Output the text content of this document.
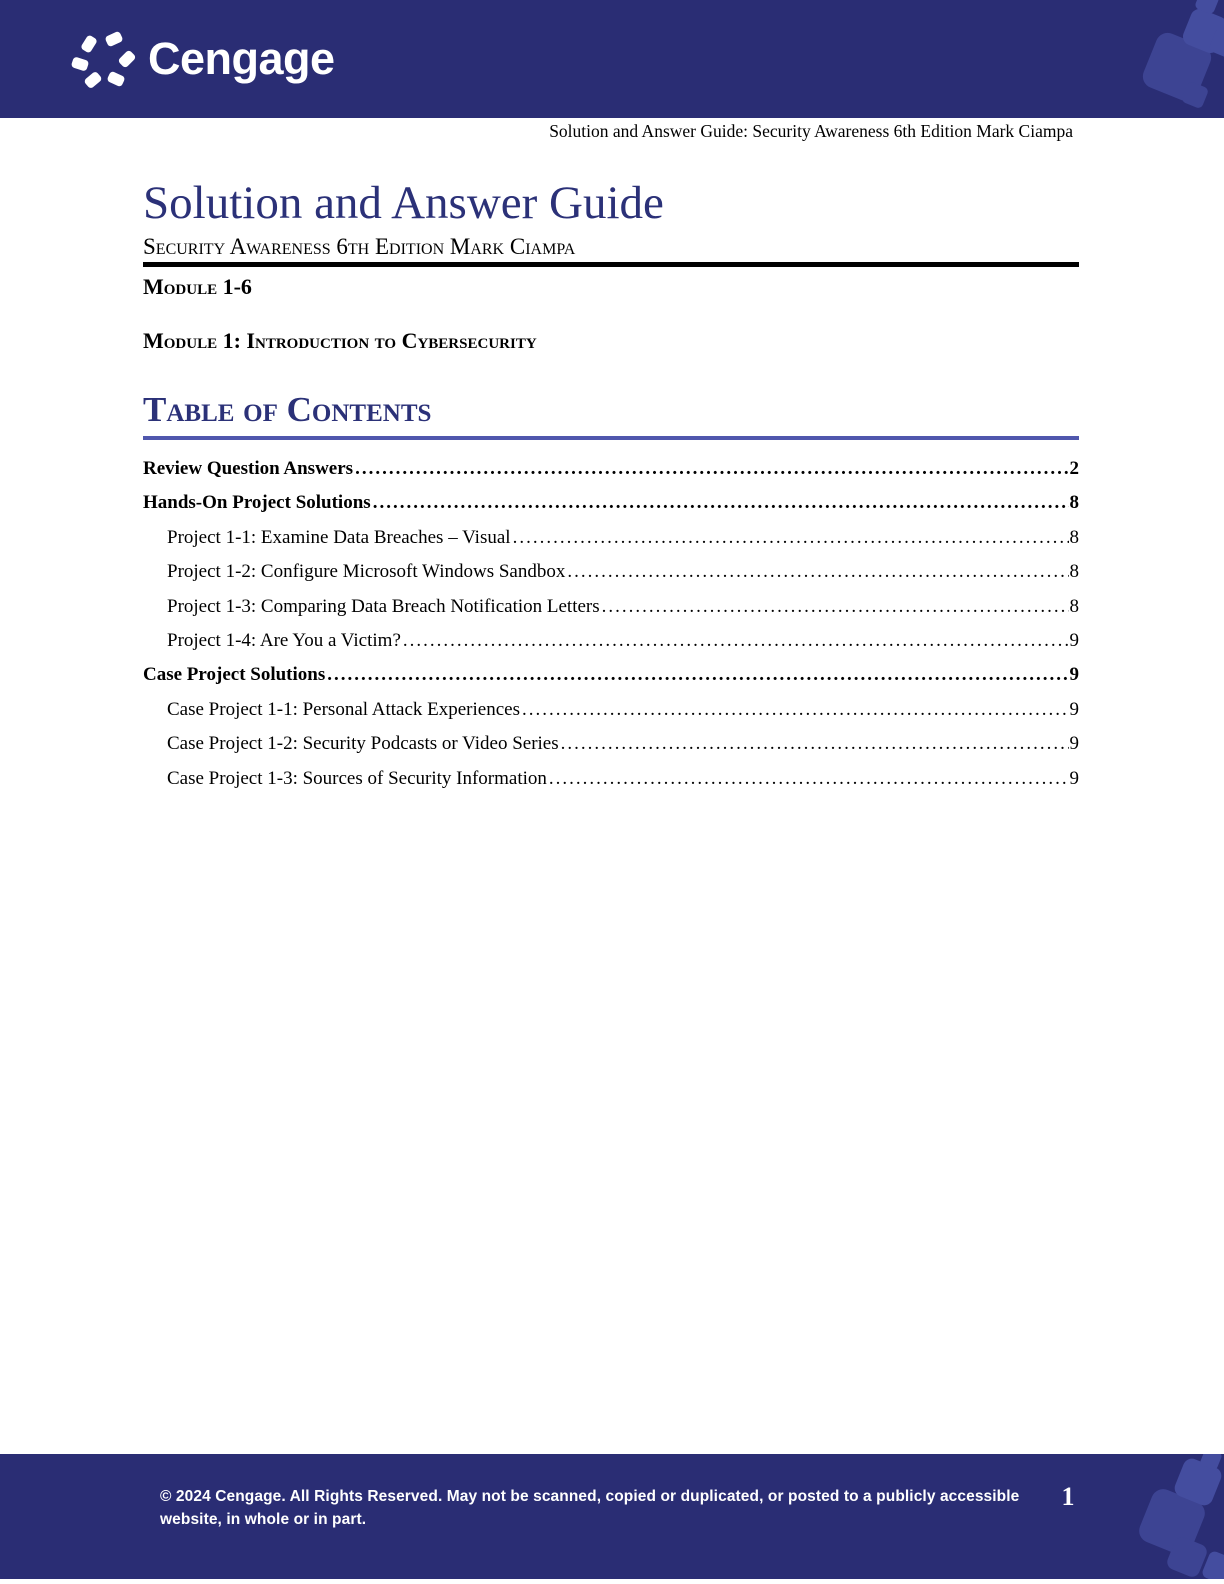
Cengage
Solution and Answer Guide: Security Awareness 6th Edition Mark Ciampa
Solution and Answer Guide
Security Awareness 6th Edition Mark Ciampa
Module 1-6
Module 1: Introduction to Cybersecurity
Table of Contents
Review Question Answers .....	2
Hands-On Project Solutions .....	8
Project 1-1: Examine Data Breaches – Visual .....	8
Project 1-2: Configure Microsoft Windows Sandbox .....	8
Project 1-3: Comparing Data Breach Notification Letters .....	8
Project 1-4: Are You a Victim? .....	9
Case Project Solutions .....	9
Case Project 1-1: Personal Attack Experiences .....	9
Case Project 1-2: Security Podcasts or Video Series .....	9
Case Project 1-3: Sources of Security Information .....	9
© 2024 Cengage. All Rights Reserved. May not be scanned, copied or duplicated, or posted to a publicly accessible
website, in whole or in part.
1
